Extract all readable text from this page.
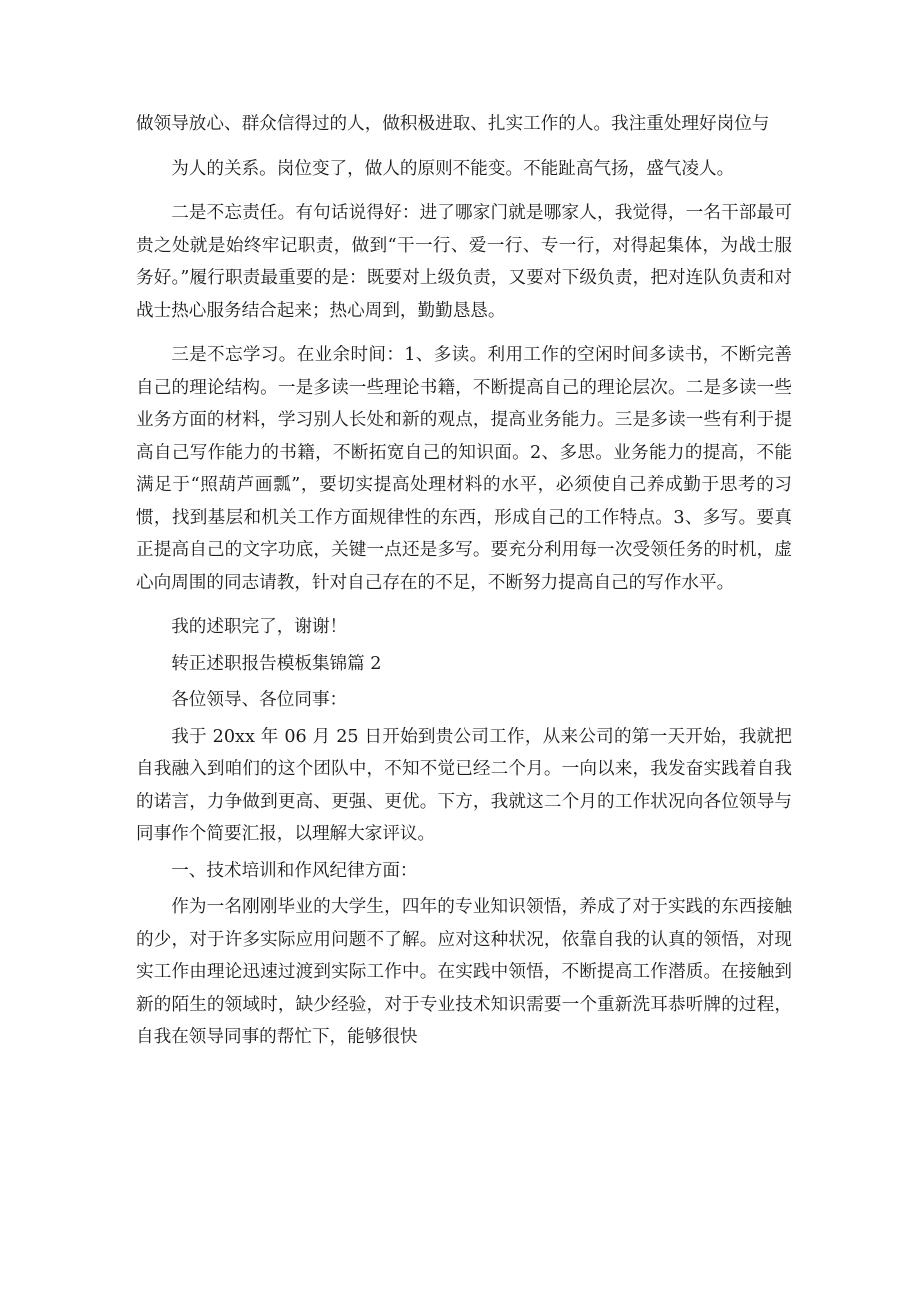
做领导放心、群众信得过的人，做积极进取、扎实工作的人。我注重处理好岗位与

为人的关系。岗位变了，做人的原则不能变。不能趾高气扬，盛气凌人。

二是不忘责任。有句话说得好：进了哪家门就是哪家人，我觉得，一名干部最可贵之处就是始终牢记职责，做到“干一行、爱一行、专一行，对得起集体，为战士服务好。”履行职责最重要的是：既要对上级负责，又要对下级负责，把对连队负责和对战士热心服务结合起来；热心周到，勤勤恳恳。

三是不忘学习。在业余时间：1、多读。利用工作的空闲时间多读书，不断完善自己的理论结构。一是多读一些理论书籍，不断提高自己的理论层次。二是多读一些业务方面的材料，学习别人长处和新的观点，提高业务能力。三是多读一些有利于提高自己写作能力的书籍，不断拓宽自己的知识面。2、多思。业务能力的提高，不能满足于“照葫芦画瓢”，要切实提高处理材料的水平，必须使自己养成勤于思考的习惯，找到基层和机关工作方面规律性的东西，形成自己的工作特点。3、多写。要真正提高自己的文字功底，关键一点还是多写。要充分利用每一次受领任务的时机，虚心向周围的同志请教，针对自己存在的不足，不断努力提高自己的写作水平。

我的述职完了，谢谢！

转正述职报告模板集锦篇 2

各位领导、各位同事：

我于 20xx 年 06 月 25 日开始到贵公司工作，从来公司的第一天开始，我就把自我融入到咱们的这个团队中，不知不觉已经二个月。一向以来，我发奋实践着自我的诺言，力争做到更高、更强、更优。下方，我就这二个月的工作状况向各位领导与同事作个简要汇报，以理解大家评议。

一、技术培训和作风纪律方面：

作为一名刚刚毕业的大学生，四年的专业知识领悟，养成了对于实践的东西接触的少，对于许多实际应用问题不了解。应对这种状况，依靠自我的认真的领悟，对现实工作由理论迅速过渡到实际工作中。在实践中领悟，不断提高工作潜质。在接触到新的陌生的领域时，缺少经验，对于专业技术知识需要一个重新洗耳恭听牌的过程，自我在领导同事的帮忙下，能够很快
